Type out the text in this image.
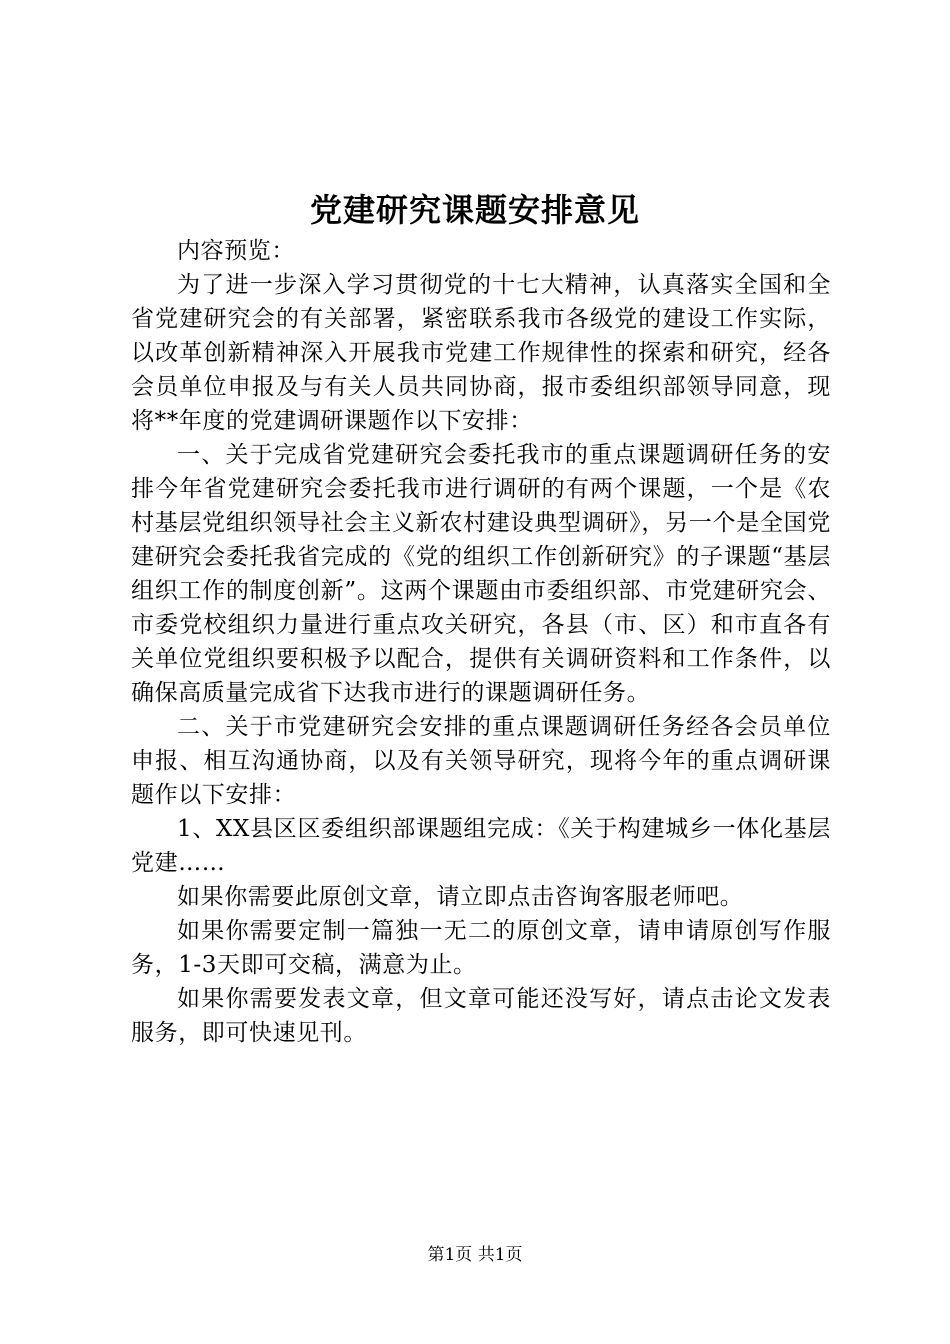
党建研究课题安排意见

内容预览：

为了进一步深入学习贯彻党的十七大精神，认真落实全国和全省党建研究会的有关部署，紧密联系我市各级党的建设工作实际，以改革创新精神深入开展我市党建工作规律性的探索和研究，经各会员单位申报及与有关人员共同协商，报市委组织部领导同意，现将**年度的党建调研课题作以下安排：

一、关于完成省党建研究会委托我市的重点课题调研任务的安排今年省党建研究会委托我市进行调研的有两个课题，一个是《农村基层党组织领导社会主义新农村建设典型调研》，另一个是全国党建研究会委托我省完成的《党的组织工作创新研究》的子课题“基层组织工作的制度创新”。这两个课题由市委组织部、市党建研究会、市委党校组织力量进行重点攻关研究，各县（市、区）和市直各有关单位党组织要积极予以配合，提供有关调研资料和工作条件，以确保高质量完成省下达我市进行的课题调研任务。

二、关于市党建研究会安排的重点课题调研任务经各会员单位申报、相互沟通协商，以及有关领导研究，现将今年的重点调研课题作以下安排：

1、XX县区区委组织部课题组完成：《关于构建城乡一体化基层党建……

如果你需要此原创文章，请立即点击咨询客服老师吧。

如果你需要定制一篇独一无二的原创文章，请申请原创写作服务，1-3天即可交稿，满意为止。

如果你需要发表文章，但文章可能还没写好，请点击论文发表服务，即可快速见刊。

第1页 共1页
